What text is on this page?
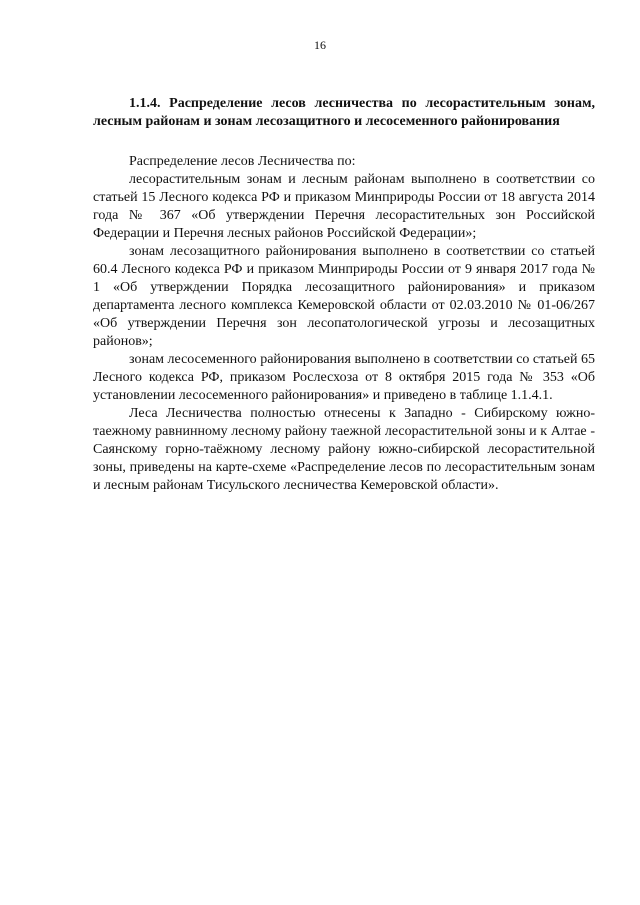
16

1.1.4. Распределение лесов лесничества по лесорастительным зонам, лесным районам и зонам лесозащитного и лесосеменного районирования

Распределение лесов Лесничества по:

лесорастительным зонам и лесным районам выполнено в соответствии со статьей 15 Лесного кодекса РФ и приказом Минприроды России от 18 августа 2014 года № 367 «Об утверждении Перечня лесорастительных зон Российской Федерации и Перечня лесных районов Российской Федерации»;

зонам лесозащитного районирования выполнено в соответствии со статьей 60.4 Лесного кодекса РФ и приказом Минприроды России от 9 января 2017 года № 1 «Об утверждении Порядка лесозащитного районирования» и приказом департамента лесного комплекса Кемеровской области от 02.03.2010 № 01-06/267 «Об утверждении Перечня зон лесопатологической угрозы и лесозащитных районов»;

зонам лесосеменного районирования выполнено в соответствии со статьей 65 Лесного кодекса РФ, приказом Рослесхоза от 8 октября 2015 года № 353 «Об установлении лесосеменного районирования» и приведено в таблице 1.1.4.1.

Леса Лесничества полностью отнесены к Западно - Сибирскому южно-таежному равнинному лесному району таежной лесорастительной зоны и к Алтае - Саянскому горно-таёжному лесному району южно-сибирской лесорастительной зоны, приведены на карте-схеме «Распределение лесов по лесорастительным зонам и лесным районам Тисульского лесничества Кемеровской области».
